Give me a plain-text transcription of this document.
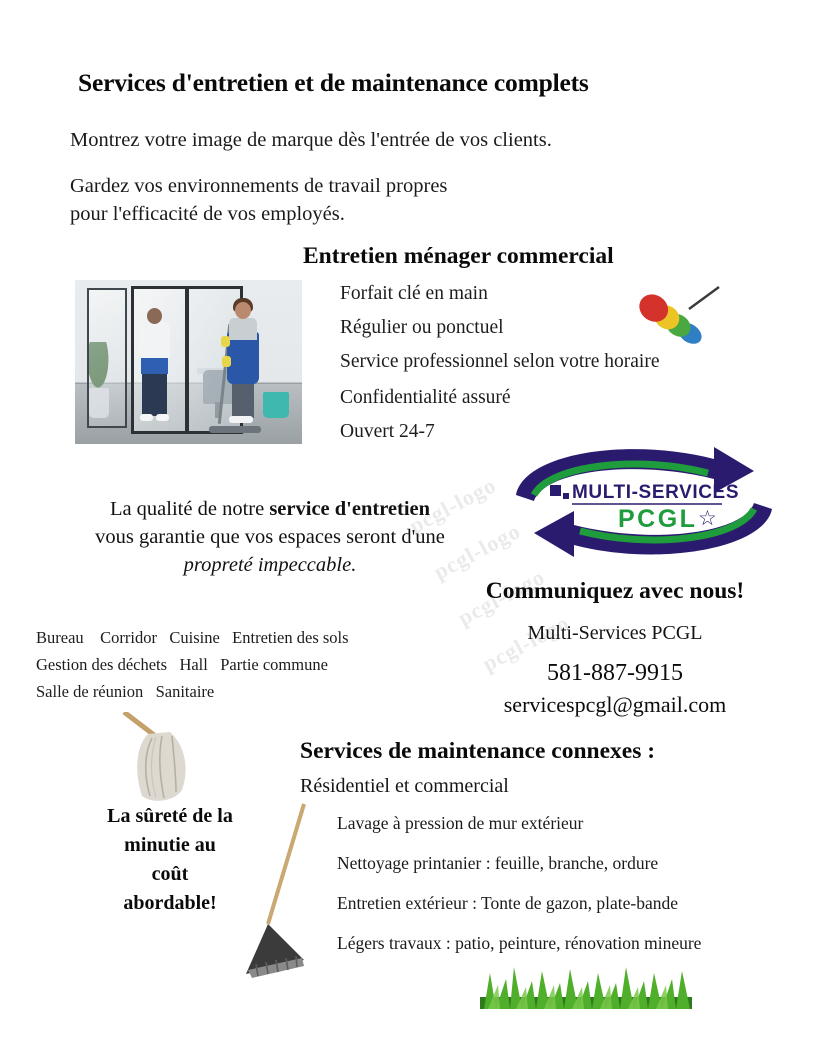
Services d'entretien et de maintenance complets
Montrez votre image de marque dès l'entrée de vos clients.
Gardez vos environnements de travail propres
pour l'efficacité de vos employés.
Entretien ménager commercial
Forfait clé en main
Régulier ou ponctuel
Service professionnel selon votre horaire
Confidentialité assuré
Ouvert 24-7
pcgl-logo
pcgl-logo
pcgl-logo
pcgl-logo
MULTI-SERVICES
PCGL ☆
La qualité de notre service d'entretien
vous garantie que vos espaces seront d'une
propreté impeccable.
Bureau Corridor Cuisine Entretien des sols
Gestion des déchets Hall Partie commune
Salle de réunion Sanitaire
Communiquez avec nous!
Multi-Services PCGL
581-887-9915
servicespcgl@gmail.com
Services de maintenance connexes :
Résidentiel et commercial
Lavage à pression de mur extérieur
Nettoyage printanier : feuille, branche, ordure
Entretien extérieur : Tonte de gazon, plate-bande
Légers travaux : patio, peinture, rénovation mineure
La sûreté de la
minutie au
coût
abordable!
